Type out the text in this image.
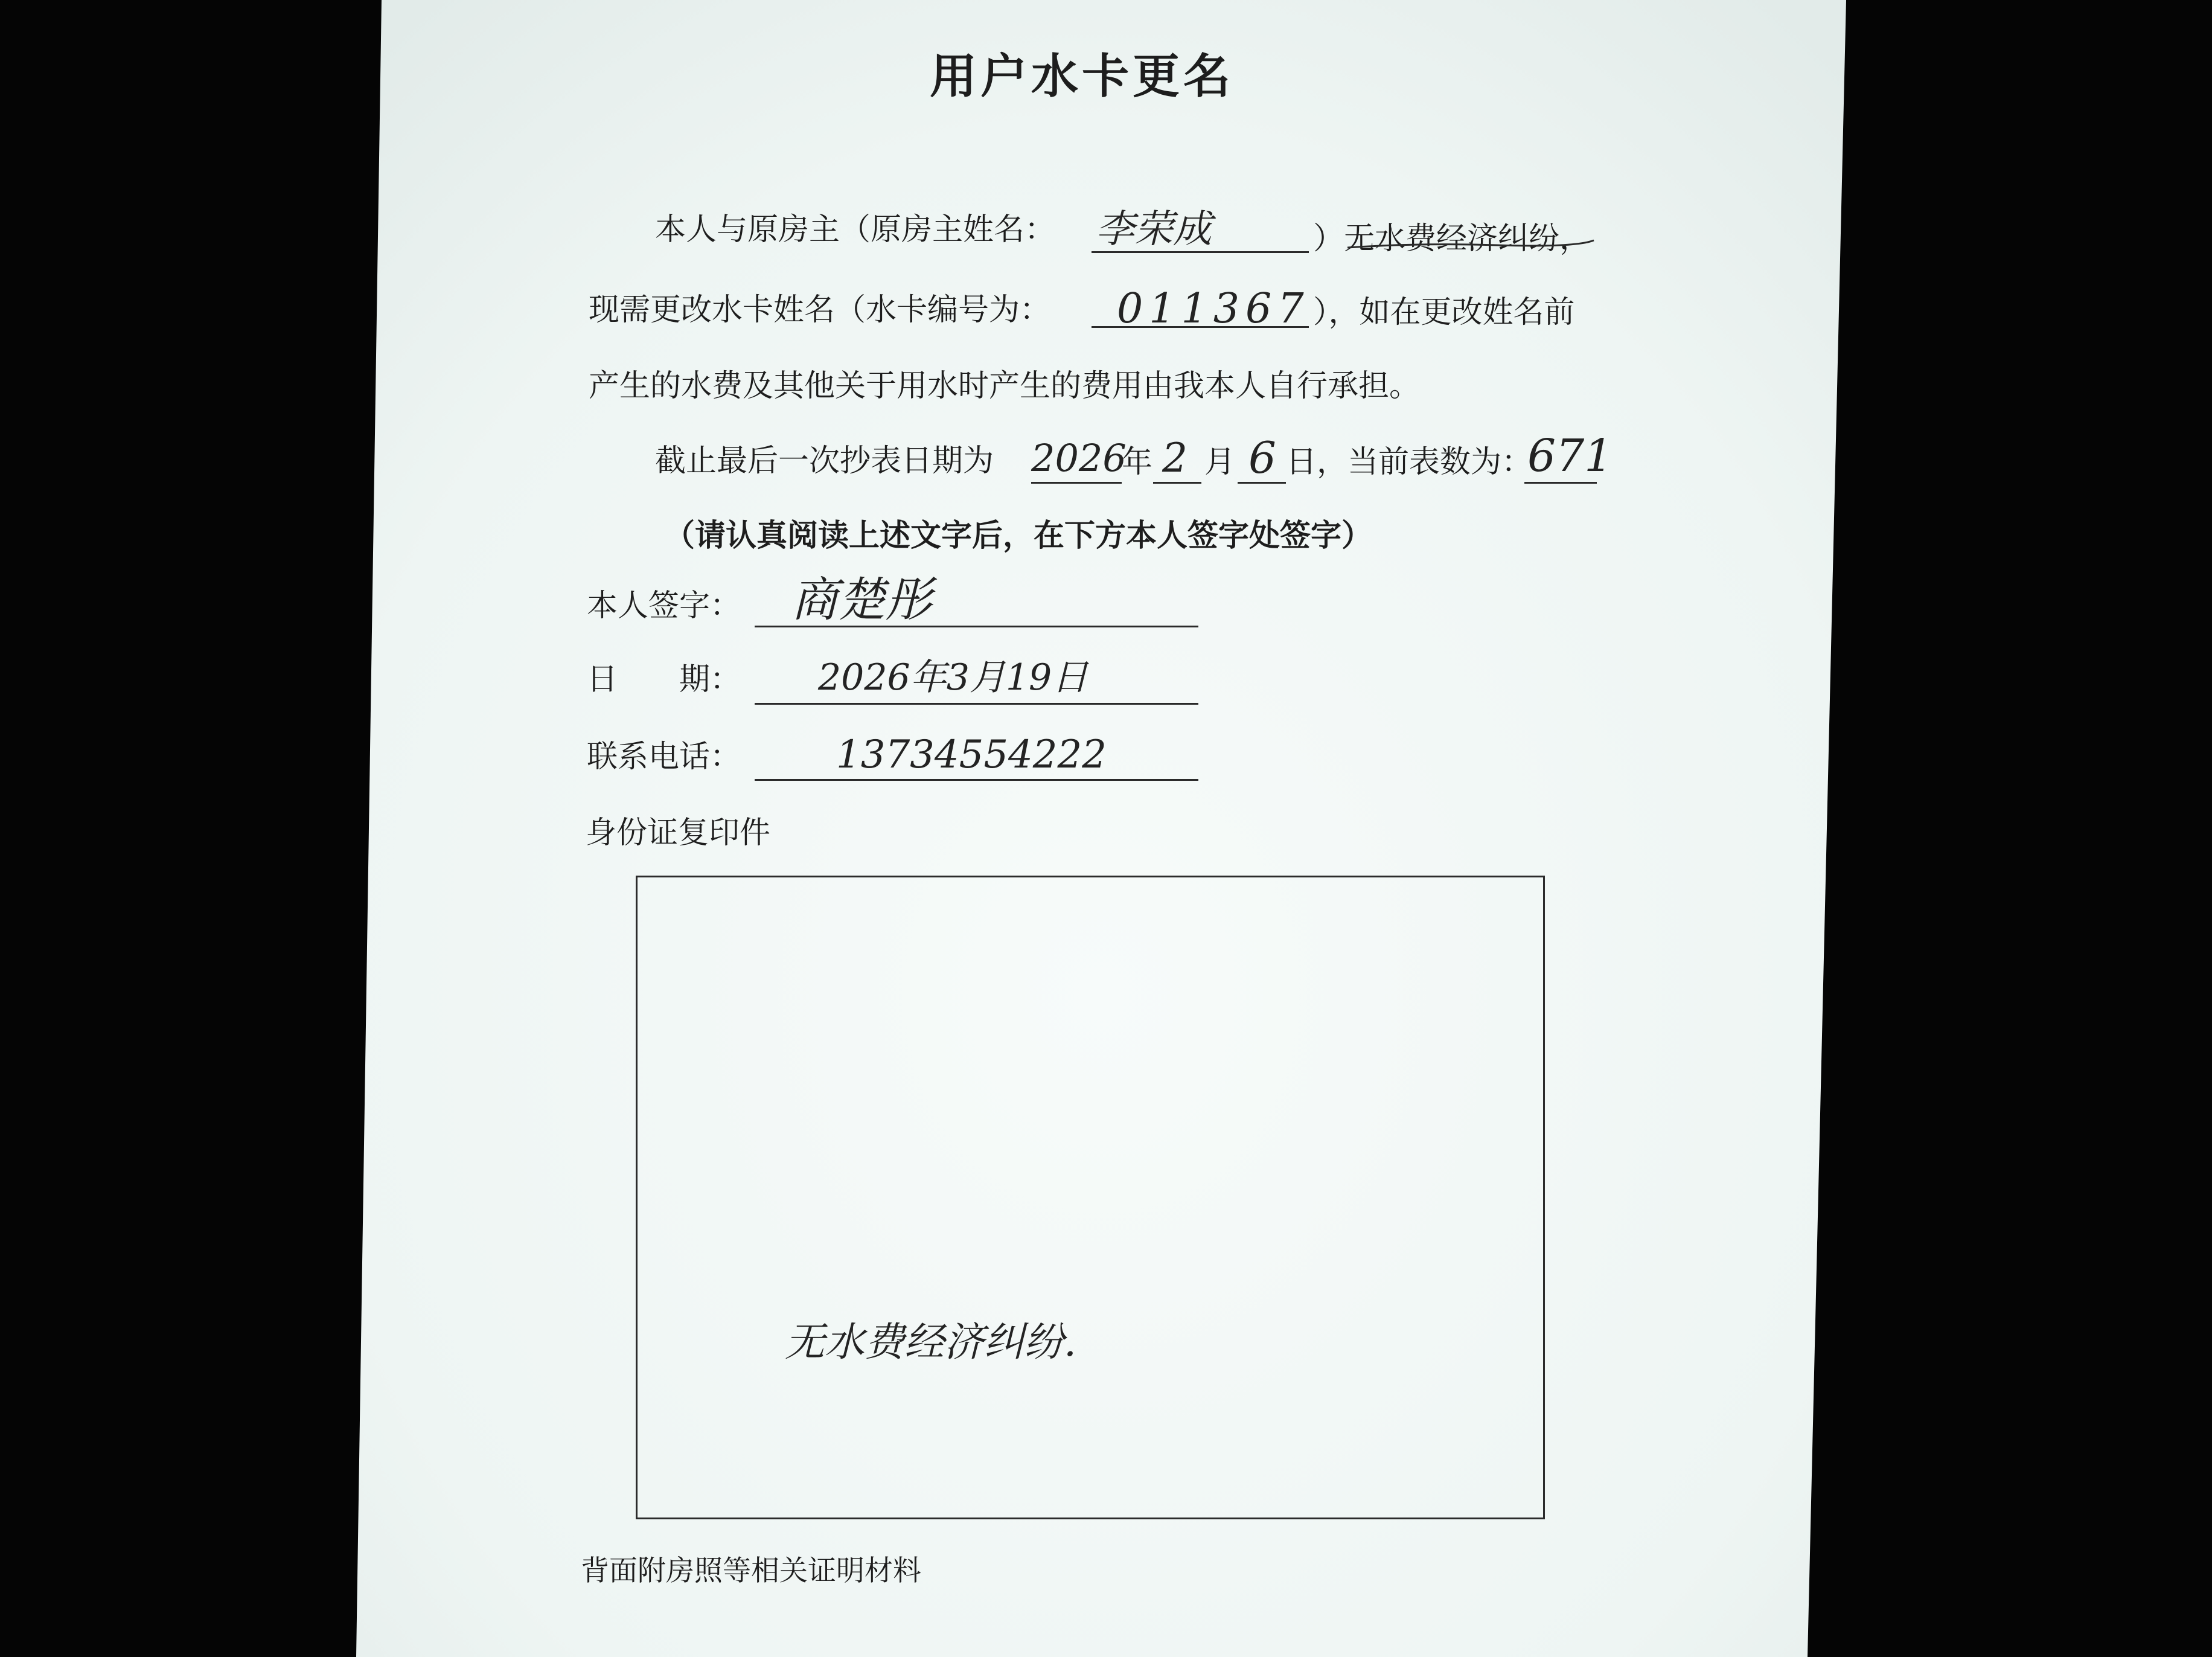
用户水卡更名
本人与原房主（原房主姓名： 李荣成	）无水费经济纠纷，
现需更改水卡姓名（水卡编号为： 011367 ），如在更改姓名前
产生的水费及其他关于用水时产生的费用由我本人自行承担。
截止最后一次抄表日期为 2026
年 2 月 6 日，当前表数为：
671
（请认真阅读上述文字后，在下方本人签字处签字）
本人签字： 商楚彤
日　　期： 2026年3月19日
联系电话： 13734554222
身份证复印件
无水费经济纠纷.
背面附房照等相关证明材料
